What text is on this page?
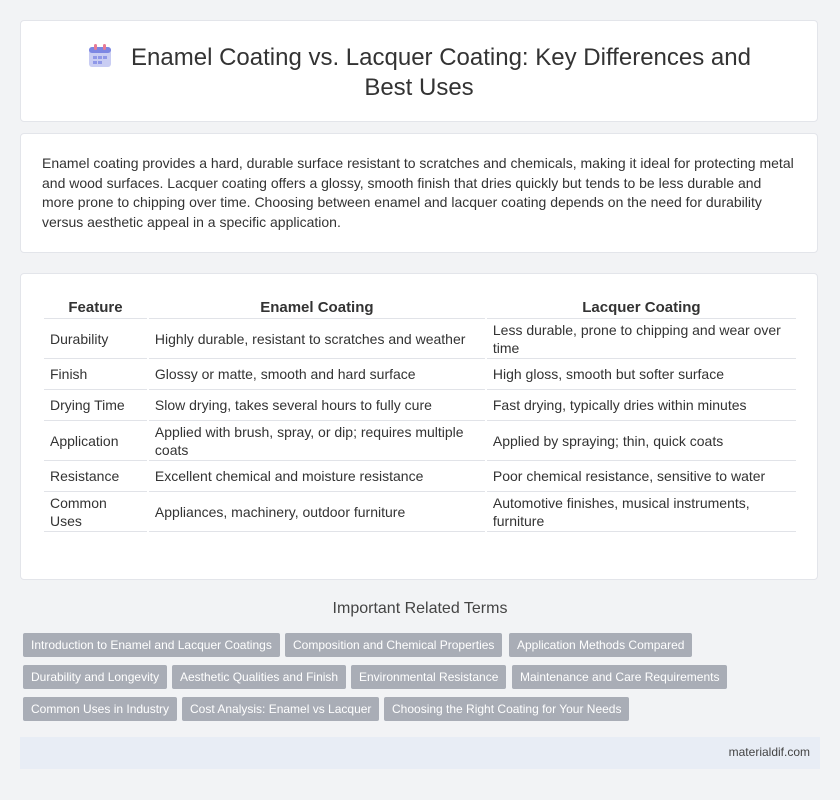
Enamel Coating vs. Lacquer Coating: Key Differences and Best Uses
Enamel coating provides a hard, durable surface resistant to scratches and chemicals, making it ideal for protecting metal and wood surfaces. Lacquer coating offers a glossy, smooth finish that dries quickly but tends to be less durable and more prone to chipping over time. Choosing between enamel and lacquer coating depends on the need for durability versus aesthetic appeal in a specific application.
Feature	Enamel Coating	Lacquer Coating
Durability	Highly durable, resistant to scratches and weather	Less durable, prone to chipping and wear over time
Finish	Glossy or matte, smooth and hard surface	High gloss, smooth but softer surface
Drying Time	Slow drying, takes several hours to fully cure	Fast drying, typically dries within minutes
Application	Applied with brush, spray, or dip; requires multiple coats	Applied by spraying; thin, quick coats
Resistance	Excellent chemical and moisture resistance	Poor chemical resistance, sensitive to water
Common Uses	Appliances, machinery, outdoor furniture	Automotive finishes, musical instruments, furniture
Important Related Terms
Introduction to Enamel and Lacquer Coatings	Composition and Chemical Properties	Application Methods Compared
Durability and Longevity	Aesthetic Qualities and Finish	Environmental Resistance	Maintenance and Care Requirements
Common Uses in Industry	Cost Analysis: Enamel vs Lacquer	Choosing the Right Coating for Your Needs
materialdif.com
